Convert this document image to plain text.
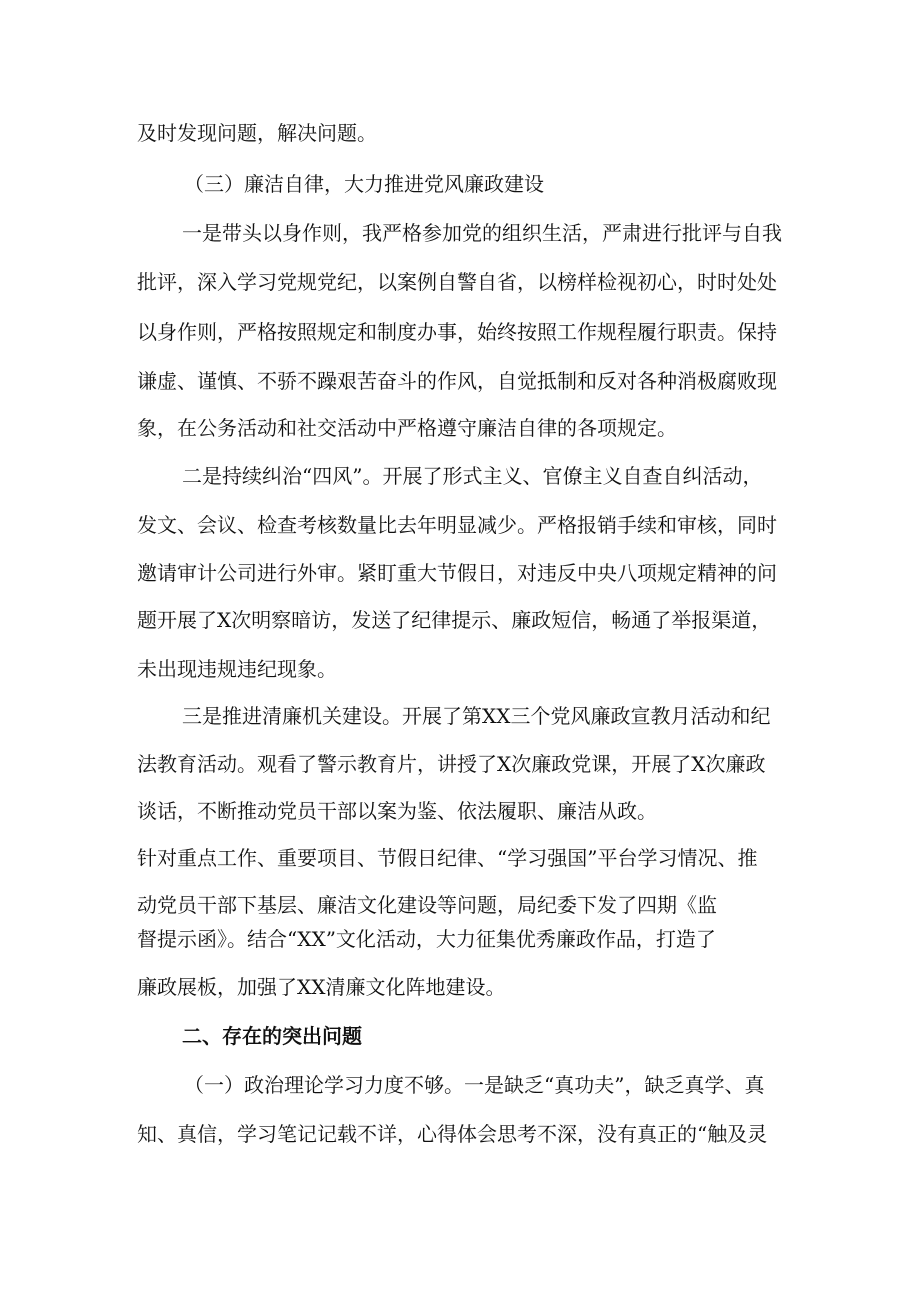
及时发现问题，解决问题。
（三）廉洁自律，大力推进党风廉政建设
一是带头以身作则，我严格参加党的组织生活，严肃进行批评与自我
批评，深入学习党规党纪，以案例自警自省，以榜样检视初心，时时处处
以身作则，严格按照规定和制度办事，始终按照工作规程履行职责。保持
谦虚、谨慎、不骄不躁艰苦奋斗的作风，自觉抵制和反对各种消极腐败现
象，在公务活动和社交活动中严格遵守廉洁自律的各项规定。
二是持续纠治“四风”。开展了形式主义、官僚主义自查自纠活动，
发文、会议、检查考核数量比去年明显减少。严格报销手续和审核，同时
邀请审计公司进行外审。紧盯重大节假日，对违反中央八项规定精神的问
题开展了X次明察暗访，发送了纪律提示、廉政短信，畅通了举报渠道，
未出现违规违纪现象。
三是推进清廉机关建设。开展了第XX三个党风廉政宣教月活动和纪
法教育活动。观看了警示教育片，讲授了X次廉政党课，开展了X次廉政
谈话，不断推动党员干部以案为鉴、依法履职、廉洁从政。
针对重点工作、重要项目、节假日纪律、“学习强国”平台学习情况、推
动党员干部下基层、廉洁文化建设等问题，局纪委下发了四期《监
督提示函》。结合“XX”文化活动，大力征集优秀廉政作品，打造了
廉政展板，加强了XX清廉文化阵地建设。
二、存在的突出问题
（一）政治理论学习力度不够。一是缺乏“真功夫”，缺乏真学、真
知、真信，学习笔记记载不详，心得体会思考不深，没有真正的“触及灵
